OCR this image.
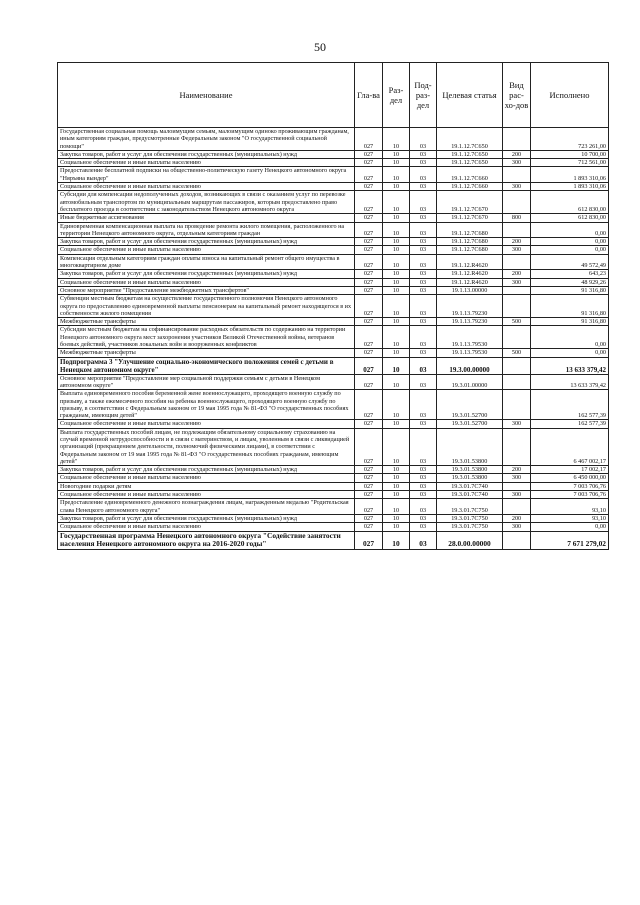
50
Наименование	Гла-ва	Раз-дел	Под-раз-дел	Целевая статья	Вид рас-хо-дов	Исполнено
Государственная социальная помощь малоимущим семьям, малоимущим одиноко проживающим гражданам, иным категориям граждан, предусмотренные Федеральным законом "О государственной социальной помощи"	027	10	03	19.1.12.7С650		723 261,00
Закупка товаров, работ и услуг для обеспечения государственных (муниципальных) нужд	027	10	03	19.1.12.7С650	200	10 700,00
Социальное обеспечение и иные выплаты населению	027	10	03	19.1.12.7С650	300	712 561,00
Предоставление бесплатной подписки на общественно-политическую газету Ненецкого автономного округа "Няръяна вындер"	027	10	03	19.1.12.7С660		1 893 310,06
Социальное обеспечение и иные выплаты населению	027	10	03	19.1.12.7С660	300	1 893 310,06
Субсидии для компенсации недополученных доходов, возникающих в связи с оказанием услуг по перевозке автомобильным транспортом по муниципальным маршрутам пассажиров, которым предоставлено право бесплатного проезда в соответствии с законодательством Ненецкого автономного округа	027	10	03	19.1.12.7С670		612 830,00
Иные бюджетные ассигнования	027	10	03	19.1.12.7С670	800	612 830,00
Единовременная компенсационная выплата на проведение ремонта жилого помещения, расположенного на территории Ненецкого автономного округа, отдельным категориям граждан	027	10	03	19.1.12.7С680		0,00
Закупка товаров, работ и услуг для обеспечения государственных (муниципальных) нужд	027	10	03	19.1.12.7С680	200	0,00
Социальное обеспечение и иные выплаты населению	027	10	03	19.1.12.7С680	300	0,00
Компенсация отдельным категориям граждан оплаты взноса на капитальный ремонт общего имущества в многоквартирном доме	027	10	03	19.1.12.R4620		49 572,49
Закупка товаров, работ и услуг для обеспечения государственных (муниципальных) нужд	027	10	03	19.1.12.R4620	200	643,23
Социальное обеспечение и иные выплаты населению	027	10	03	19.1.12.R4620	300	48 929,26
Основное мероприятие "Предоставление межбюджетных трансфертов"	027	10	03	19.1.13.00000		91 316,80
Субвенции местным бюджетам на осуществление государственного полномочия Ненецкого автономного округа по предоставлению единовременной выплаты пенсионерам на капитальный ремонт находящегося в их собственности жилого помещения	027	10	03	19.1.13.79230		91 316,80
Межбюджетные трансферты	027	10	03	19.1.13.79230	500	91 316,80
Субсидии местным бюджетам на софинансирование расходных обязательств по содержанию на территории Ненецкого автономного округа мест захоронения участников Великой Отечественной войны, ветеранов боевых действий, участников локальных войн и вооруженных конфликтов	027	10	03	19.1.13.79530		0,00
Межбюджетные трансферты	027	10	03	19.1.13.79530	500	0,00
Подпрограмма 3 "Улучшение социально-экономического положения семей с детьми в Ненецком автономном округе"	027	10	03	19.3.00.00000		13 633 379,42
Основное мероприятие "Предоставление мер социальной поддержки семьям с детьми в Ненецком автономном округе"	027	10	03	19.3.01.00000		13 633 379,42
Выплата единовременного пособия беременной жене военнослужащего, проходящего военную службу по призыву, а также ежемесячного пособия на ребенка военнослужащего, проходящего военную службу по призыву, в соответствии с Федеральным законом от 19 мая 1995 года № 81-ФЗ "О государственных пособиях гражданам, имеющим детей"	027	10	03	19.3.01.52700		162 577,39
Социальное обеспечение и иные выплаты населению	027	10	03	19.3.01.52700	300	162 577,39
Выплата государственных пособий лицам, не подлежащим обязательному социальному страхованию на случай временной нетрудоспособности и в связи с материнством, и лицам, уволенным в связи с ликвидацией организаций (прекращением деятельности, полномочий физическими лицами), в соответствии с Федеральным законом от 19 мая 1995 года № 81-ФЗ "О государственных пособиях гражданам, имеющим детей"	027	10	03	19.3.01.53800		6 467 002,17
Закупка товаров, работ и услуг для обеспечения государственных (муниципальных) нужд	027	10	03	19.3.01.53800	200	17 002,17
Социальное обеспечение и иные выплаты населению	027	10	03	19.3.01.53800	300	6 450 000,00
Новогодние подарки детям	027	10	03	19.3.01.7С740		7 003 706,76
Социальное обеспечение и иные выплаты населению	027	10	03	19.3.01.7С740	300	7 003 706,76
Предоставление единовременного денежного вознаграждения лицам, награжденным медалью "Родительская слава Ненецкого автономного округа"	027	10	03	19.3.01.7С750		93,10
Закупка товаров, работ и услуг для обеспечения государственных (муниципальных) нужд	027	10	03	19.3.01.7С750	200	93,10
Социальное обеспечение и иные выплаты населению	027	10	03	19.3.01.7С750	300	0,00
Государственная программа Ненецкого автономного округа "Содействие занятости населения Ненецкого автономного округа на 2016-2020 годы"	027	10	03	28.0.00.00000		7 671 279,02
